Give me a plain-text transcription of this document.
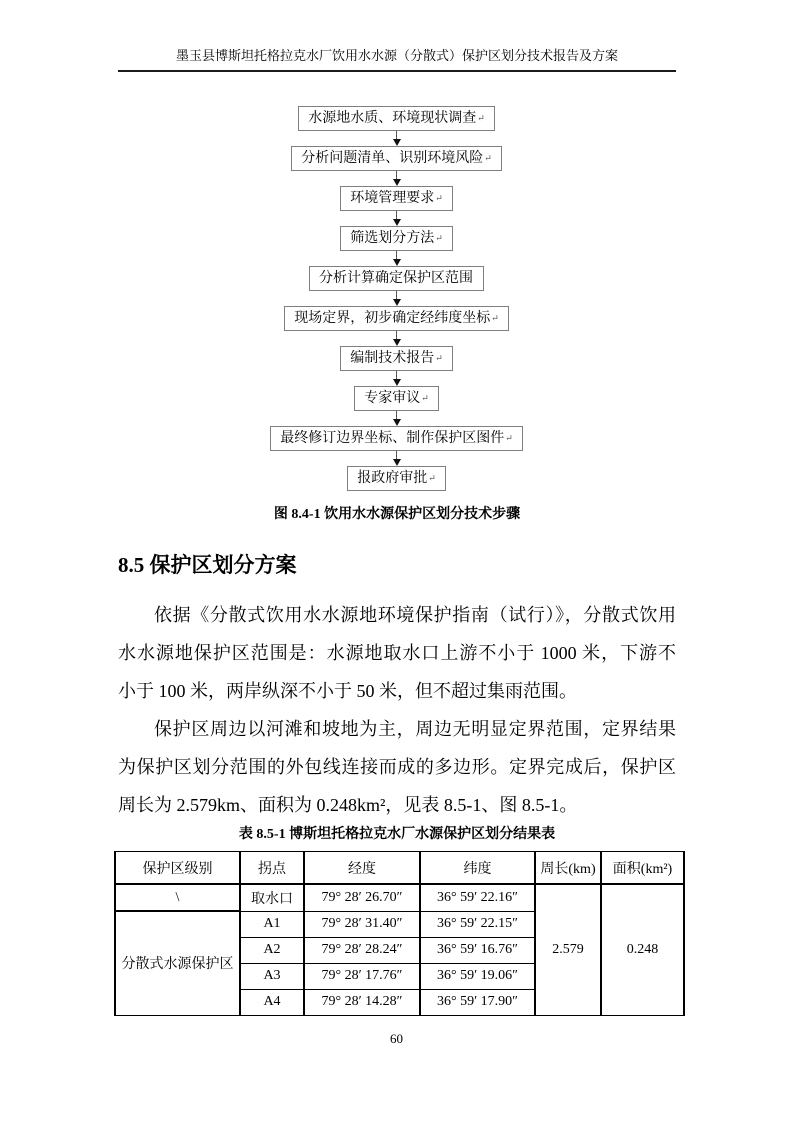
墨玉县博斯坦托格拉克水厂饮用水水源（分散式）保护区划分技术报告及方案
水源地水质、环境现状调查↵
分析问题清单、识别环境风险↵
环境管理要求↵
筛选划分方法↵
分析计算确定保护区范围
现场定界，初步确定经纬度坐标↵
编制技术报告↵
专家审议↵
最终修订边界坐标、制作保护区图件↵
报政府审批↵
图 8.4-1 饮用水水源保护区划分技术步骤
8.5 保护区划分方案
依据《分散式饮用水水源地环境保护指南（试行）》，分散式饮用
水水源地保护区范围是：水源地取水口上游不小于 1000 米，下游不
小于 100 米，两岸纵深不小于 50 米，但不超过集雨范围。
保护区周边以河滩和坡地为主，周边无明显定界范围，定界结果
为保护区划分范围的外包线连接而成的多边形。定界完成后，保护区
周长为 2.579km、面积为 0.248km²，见表 8.5-1、图 8.5-1。
表 8.5-1 博斯坦托格拉克水厂水源保护区划分结果表
保护区级别	拐点	经度	纬度	周长(km)	面积(km²)
\	取水口	79° 28′ 26.70″	36° 59′ 22.16″	2.579	0.248
分散式水源保护区	A1	79° 28′ 31.40″	36° 59′ 22.15″		
	A2	79° 28′ 28.24″	36° 59′ 16.76″		
	A3	79° 28′ 17.76″	36° 59′ 19.06″		
	A4	79° 28′ 14.28″	36° 59′ 17.90″		
60
